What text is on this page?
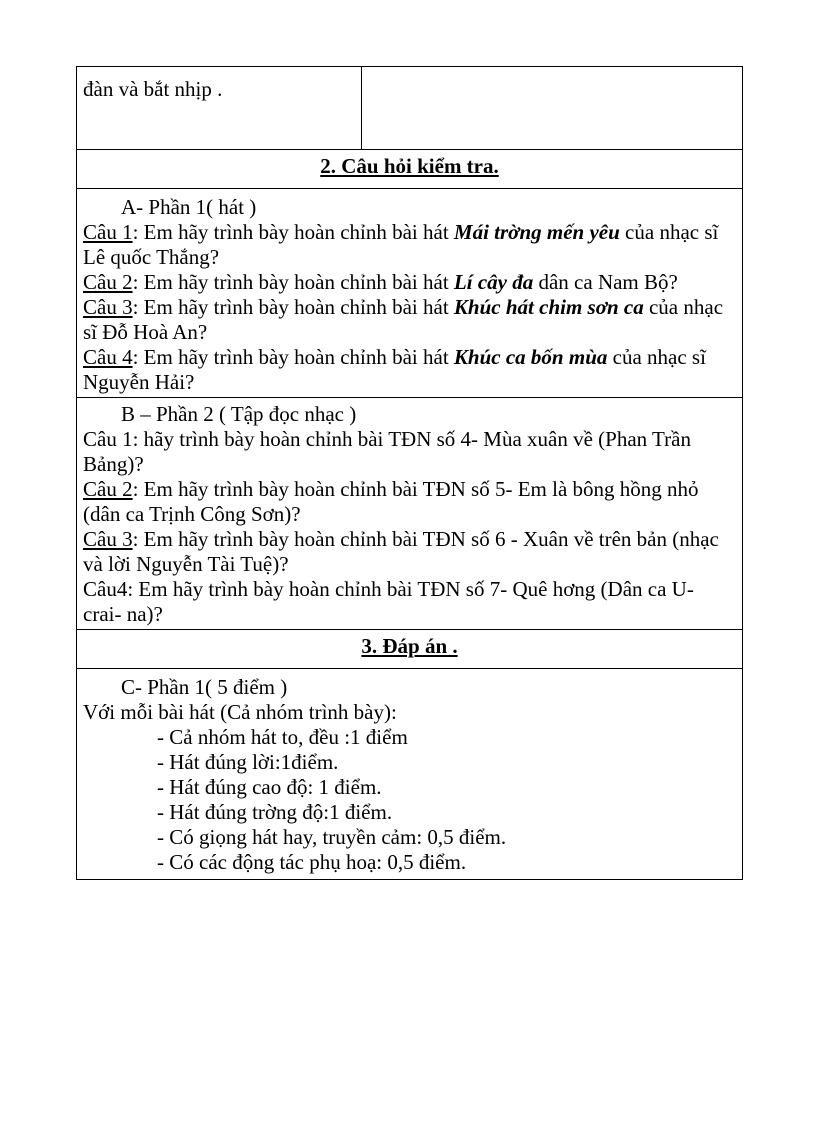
đàn và bắt nhịp .	
2. Câu hỏi kiểm tra.

A- Phần 1( hát )

Câu 1: Em hãy trình bày hoàn chỉnh bài hát Mái trờng mến yêu của nhạc sĩ Lê quốc Thắng?

Câu 2: Em hãy trình bày hoàn chỉnh bài hát Lí cây đa dân ca Nam Bộ?

Câu 3: Em hãy trình bày hoàn chỉnh bài hát Khúc hát chim sơn ca của nhạc sĩ Đỗ Hoà An?

Câu 4: Em hãy trình bày hoàn chỉnh bài hát Khúc ca bốn mùa của nhạc sĩ Nguyễn Hải?

B – Phần 2 ( Tập đọc nhạc )

Câu 1: hãy trình bày hoàn chỉnh bài TĐN số 4- Mùa xuân về (Phan Trần Bảng)?

Câu 2: Em hãy trình bày hoàn chỉnh bài TĐN số 5- Em là bông hồng nhỏ (dân ca Trịnh Công Sơn)?

Câu 3: Em hãy trình bày hoàn chỉnh bài TĐN số 6 - Xuân về trên bản (nhạc và lời Nguyễn Tài Tuệ)?

Câu4: Em hãy trình bày hoàn chỉnh bài TĐN số 7- Quê hơng (Dân ca U- crai- na)?

3. Đáp án .

C- Phần 1( 5 điểm )

Với mỗi bài hát (Cả nhóm trình bày):

- Cả nhóm hát to, đều :1 điểm

- Hát đúng lời:1điểm.

- Hát đúng cao độ: 1 điểm.

- Hát đúng trờng độ:1 điểm.

- Có giọng hát hay, truyền cảm: 0,5 điểm.

- Có các động tác phụ hoạ: 0,5 điểm.
